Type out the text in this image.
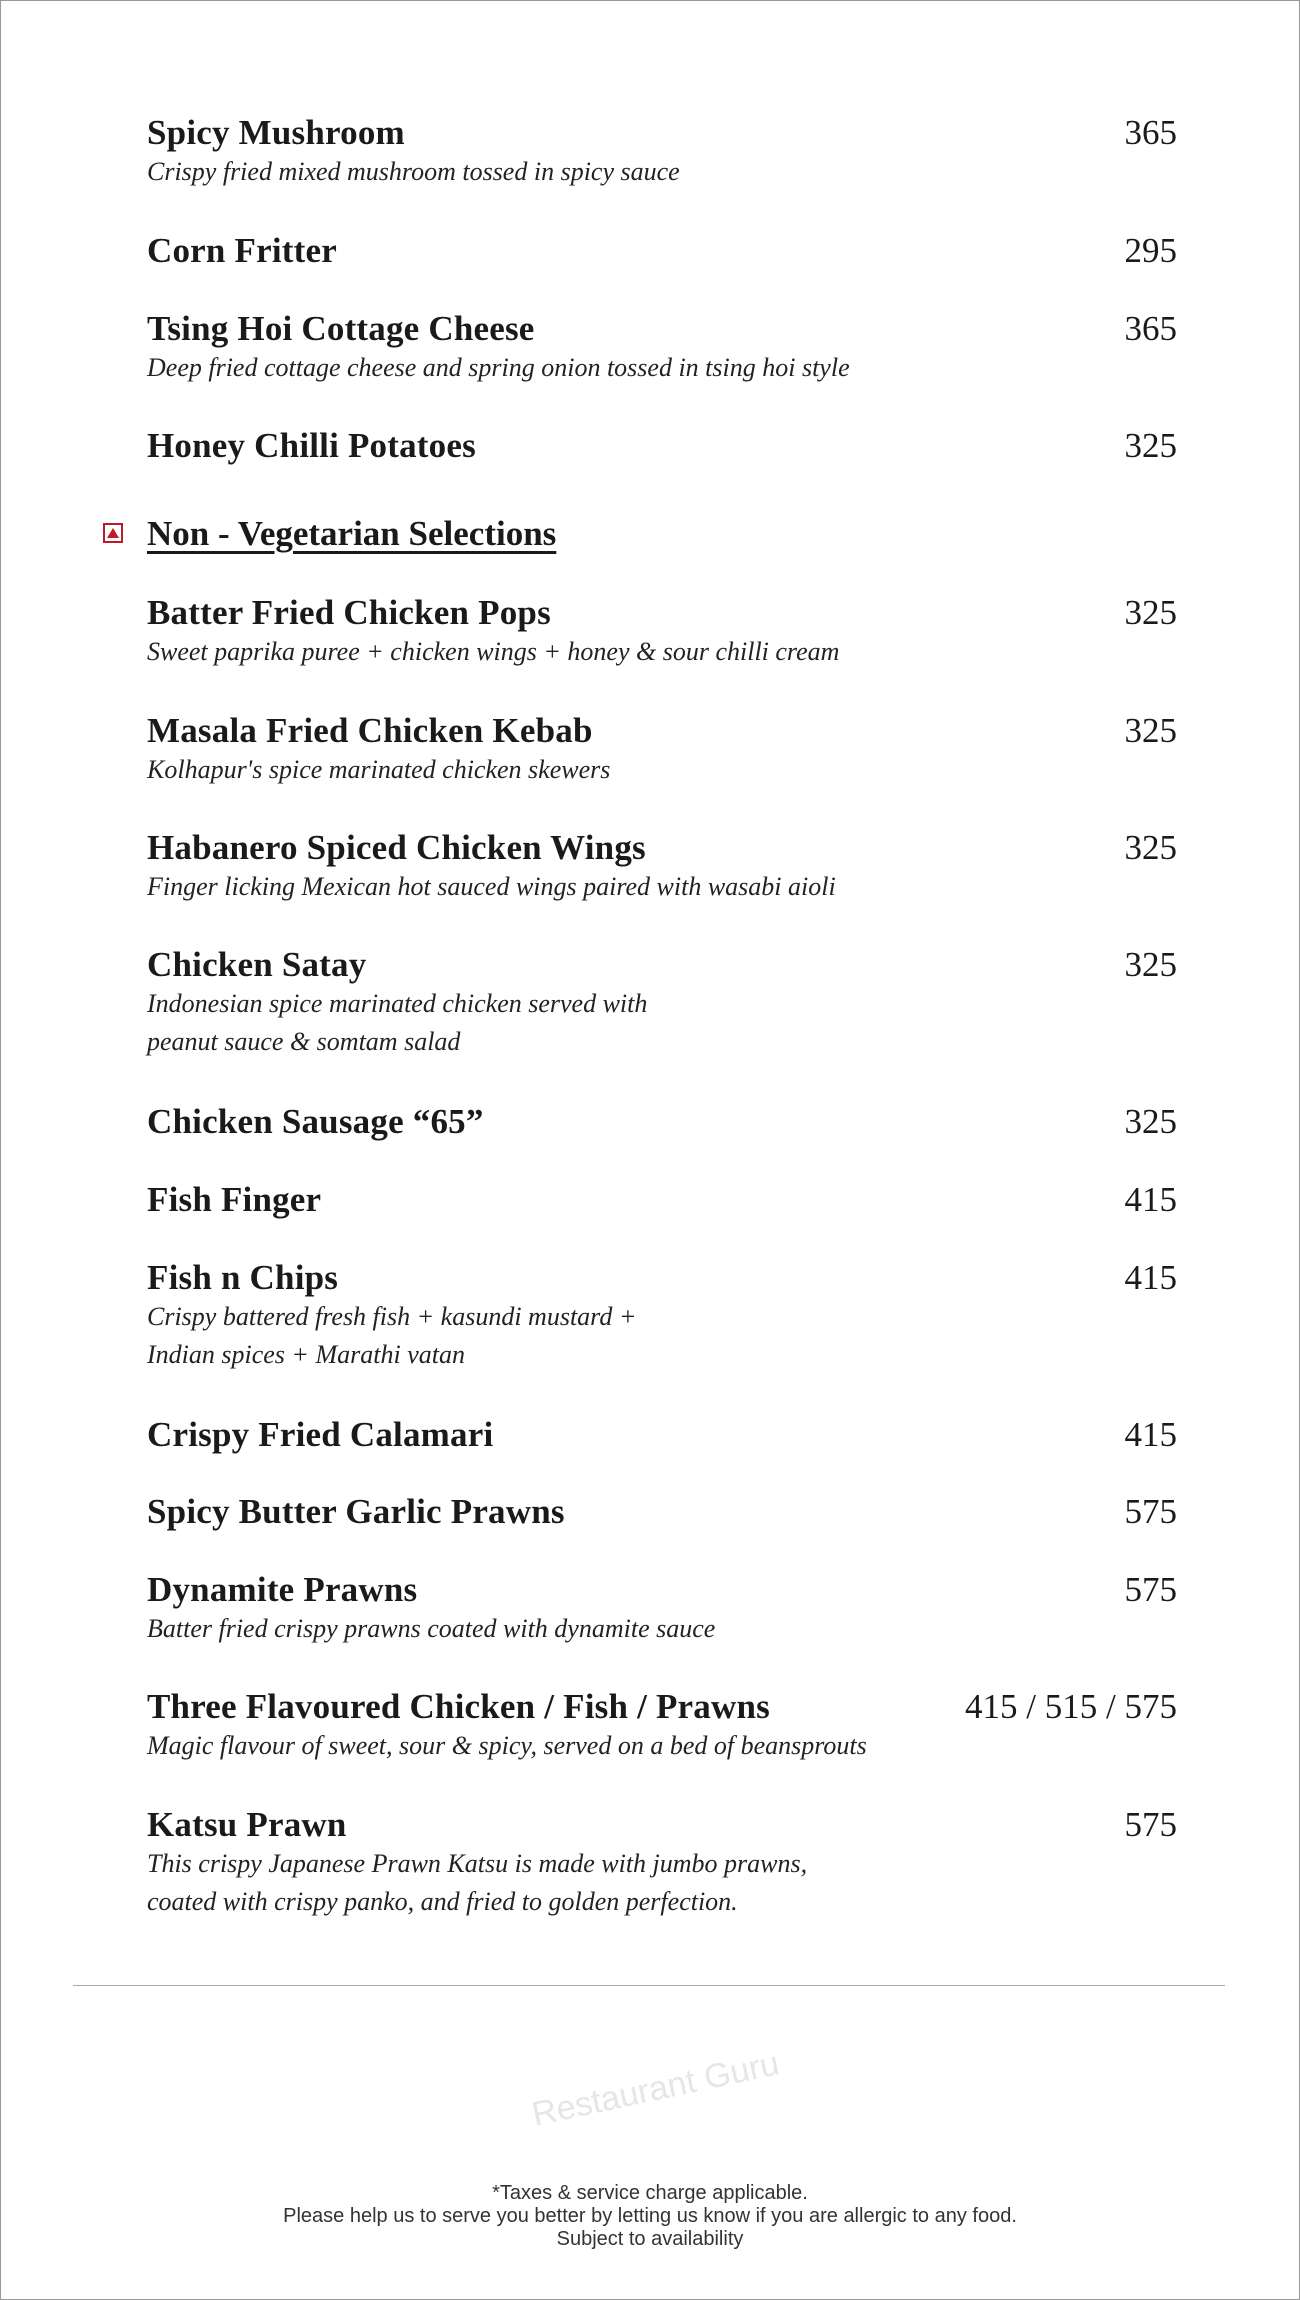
Restaurant Guru
Spicy Mushroom	365
Crispy fried mixed mushroom tossed in spicy sauce
Corn Fritter	295
Tsing Hoi Cottage Cheese	365
Deep fried cottage cheese and spring onion tossed in tsing hoi style
Honey Chilli Potatoes	325
Batter Fried Chicken Pops	325
Sweet paprika puree + chicken wings + honey & sour chilli cream
Masala Fried Chicken Kebab	325
Kolhapur's spice marinated chicken skewers
Habanero Spiced Chicken Wings	325
Finger licking Mexican hot sauced wings paired with wasabi aioli
Chicken Satay	325
Indonesian spice marinated chicken served with
peanut sauce & somtam salad
Chicken Sausage “65”	325
Fish Finger	415
Fish n Chips	415
Crispy battered fresh fish + kasundi mustard +
Indian spices + Marathi vatan
Crispy Fried Calamari	415
Spicy Butter Garlic Prawns	575
Dynamite Prawns	575
Batter fried crispy prawns coated with dynamite sauce
Three Flavoured Chicken / Fish / Prawns	415 / 515 / 575
Magic flavour of sweet, sour & spicy, served on a bed of beansprouts
Katsu Prawn	575
This crispy Japanese Prawn Katsu is made with jumbo prawns,
coated with crispy panko, and fried to golden perfection.
Non - Vegetarian Selections
*Taxes & service charge applicable.
Please help us to serve you better by letting us know if you are allergic to any food.
Subject to availability
